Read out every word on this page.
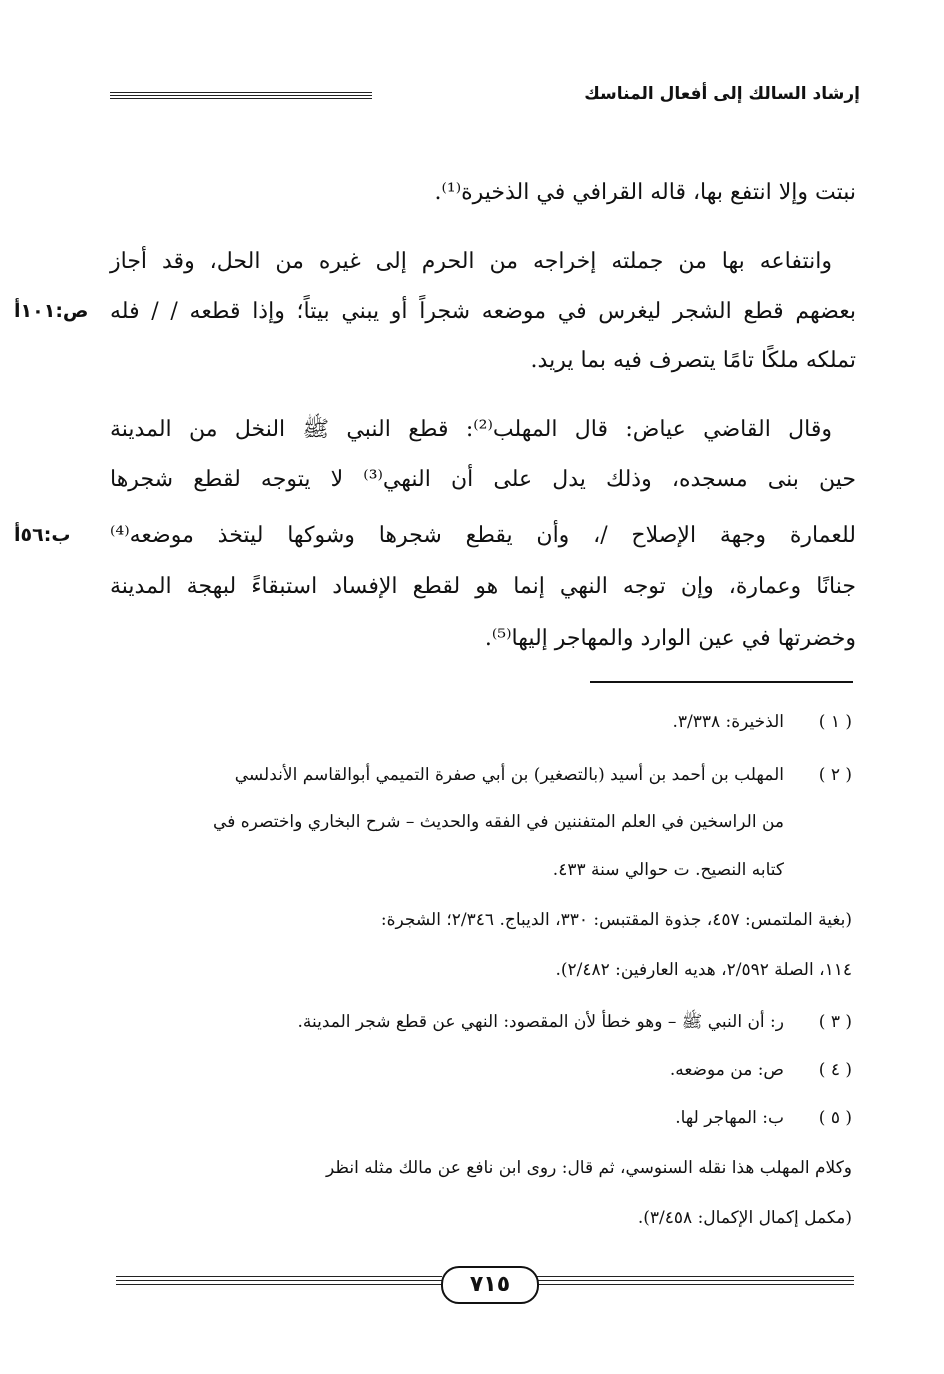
إرشاد السالك إلى أفعال المناسك
نبتت وإلا انتفع بها، قاله القرافي في الذخيرة⁽¹⁾.
وانتفاعه بها من جملته إخراجه من الحرم إلى غيره من الحل، وقد أجاز
بعضهم قطع الشجر ليغرس في موضعه شجراً أو يبني بيتاً؛ وإذا قطعه / / فله
تملكه ملكًا تامًا يتصرف فيه بما يريد.
وقال القاضي عياض: قال المهلب⁽²⁾: قطع النبي ﷺ النخل من المدينة
حين بنى مسجده، وذلك يدل على أن النهي⁽³⁾ لا يتوجه لقطع شجرها
للعمارة وجهة الإصلاح /، وأن يقطع شجرها وشوكها ليتخذ موضعه⁽⁴⁾
جنانًا وعمارة، وإن توجه النهي إنما هو لقطع الإفساد استبقاءً لبهجة المدينة
وخضرتها في عين الوارد والمهاجر إليها⁽⁵⁾.
ص:١٠١أ
ب:٥٦أ
( ١ )
الذخيرة: ٣/٣٣٨.
( ٢ )
المهلب بن أحمد بن أسيد (بالتصغير) بن أبي صفرة التميمي أبوالقاسم الأندلسي
من الراسخين في العلم المتفننين في الفقه والحديث – شرح البخاري واختصره في
كتابه النصيح. ت حوالي سنة ٤٣٣.
(بغية الملتمس: ٤٥٧، جذوة المقتبس: ٣٣٠، الديباج. ٢/٣٤٦؛ الشجرة:
١١٤، الصلة ٢/٥٩٢، هديه العارفين: ٢/٤٨٢).
( ٣ )
ر: أن النبي ﷺ – وهو خطأ لأن المقصود: النهي عن قطع شجر المدينة.
( ٤ )
ص: من موضعه.
( ٥ )
ب: المهاجر لها.
وكلام المهلب هذا نقله السنوسي، ثم قال: روى ابن نافع عن مالك مثله انظر
(مكمل إكمال الإكمال: ٣/٤٥٨).
٧١٥
